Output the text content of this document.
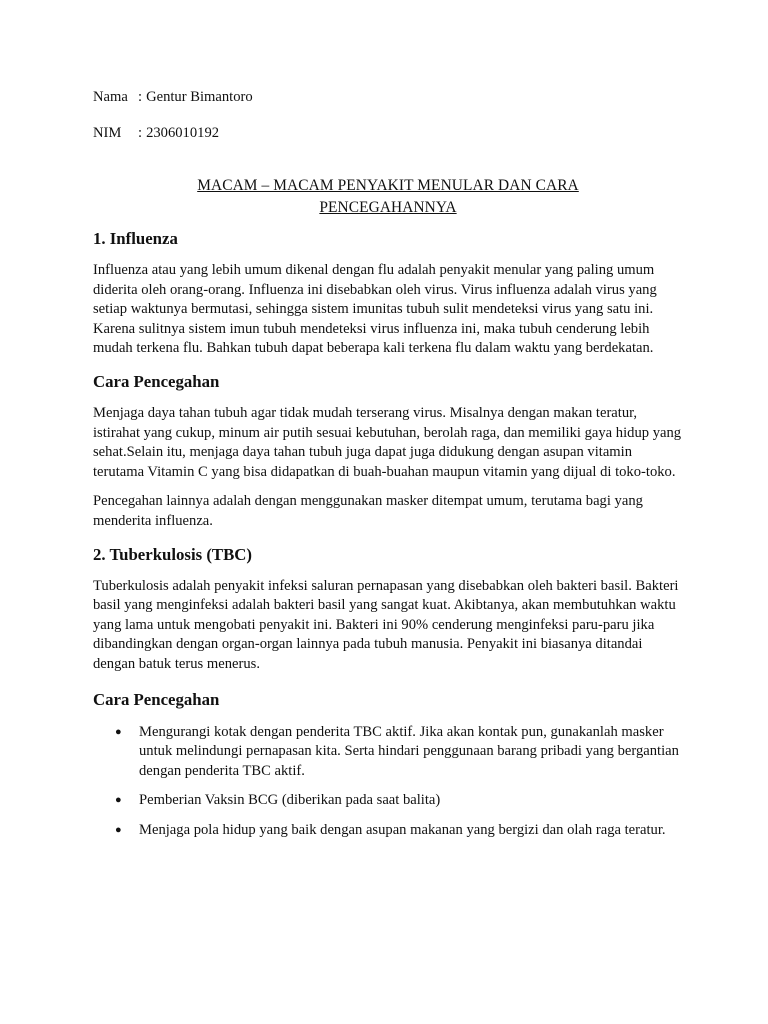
Nama : Gentur Bimantoro
NIM	: 2306010192
MACAM – MACAM PENYAKIT MENULAR DAN CARA
PENCEGAHANNYA
1. Influenza

Influenza atau yang lebih umum dikenal dengan flu adalah penyakit menular yang paling umum diderita oleh orang-orang. Influenza ini disebabkan oleh virus. Virus influenza adalah virus yang setiap waktunya bermutasi, sehingga sistem imunitas tubuh sulit mendeteksi virus yang satu ini. Karena sulitnya sistem imun tubuh mendeteksi virus influenza ini, maka tubuh cenderung lebih mudah terkena flu. Bahkan tubuh dapat beberapa kali terkena flu dalam waktu yang berdekatan.

Cara Pencegahan

Menjaga daya tahan tubuh agar tidak mudah terserang virus. Misalnya dengan makan teratur, istirahat yang cukup, minum air putih sesuai kebutuhan, berolah raga, dan memiliki gaya hidup yang sehat.Selain itu, menjaga daya tahan tubuh juga dapat juga didukung dengan asupan vitamin terutama Vitamin C yang bisa didapatkan di buah-buahan maupun vitamin yang dijual di toko-toko.

Pencegahan lainnya adalah dengan menggunakan masker ditempat umum, terutama bagi yang menderita influenza.

2. Tuberkulosis (TBC)

Tuberkulosis adalah penyakit infeksi saluran pernapasan yang disebabkan oleh bakteri basil. Bakteri basil yang menginfeksi adalah bakteri basil yang sangat kuat. Akibtanya, akan membutuhkan waktu yang lama untuk mengobati penyakit ini. Bakteri ini 90% cenderung menginfeksi paru-paru jika dibandingkan dengan organ-organ lainnya pada tubuh manusia. Penyakit ini biasanya ditandai dengan batuk terus menerus.

Cara Pencegahan
● Mengurangi kotak dengan penderita TBC aktif. Jika akan kontak pun, gunakanlah masker untuk melindungi pernapasan kita. Serta hindari penggunaan barang pribadi yang bergantian dengan penderita TBC aktif.
● Pemberian Vaksin BCG (diberikan pada saat balita)
● Menjaga pola hidup yang baik dengan asupan makanan yang bergizi dan olah raga teratur.
